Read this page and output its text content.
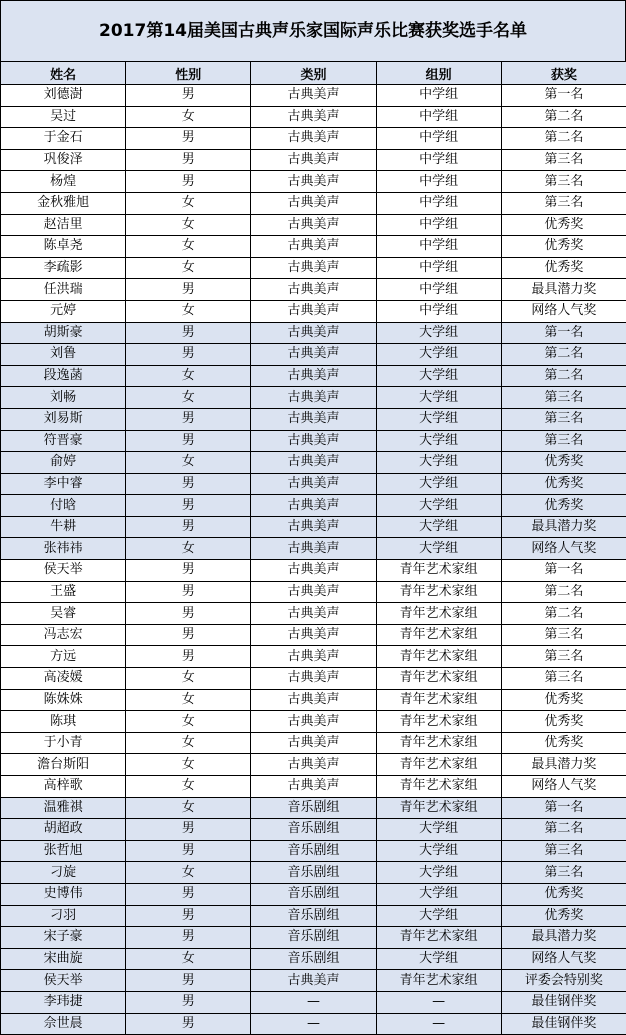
2017第14届美国古典声乐家国际声乐比赛获奖选手名单
姓名	性别	类别	组别	获奖
刘德澍	男	古典美声	中学组	第一名
吴过	女	古典美声	中学组	第二名
于金石	男	古典美声	中学组	第二名
巩俊泽	男	古典美声	中学组	第三名
杨煌	男	古典美声	中学组	第三名
金秋雅旭	女	古典美声	中学组	第三名
赵洁里	女	古典美声	中学组	优秀奖
陈卓尧	女	古典美声	中学组	优秀奖
李疏影	女	古典美声	中学组	优秀奖
任洪瑞	男	古典美声	中学组	最具潜力奖
元婷	女	古典美声	中学组	网络人气奖
胡斯豪	男	古典美声	大学组	第一名
刘鲁	男	古典美声	大学组	第二名
段逸菡	女	古典美声	大学组	第二名
刘畅	女	古典美声	大学组	第三名
刘易斯	男	古典美声	大学组	第三名
符晋豪	男	古典美声	大学组	第三名
俞婷	女	古典美声	大学组	优秀奖
李中睿	男	古典美声	大学组	优秀奖
付晗	男	古典美声	大学组	优秀奖
牛耕	男	古典美声	大学组	最具潜力奖
张祎祎	女	古典美声	大学组	网络人气奖
侯天举	男	古典美声	青年艺术家组	第一名
王盛	男	古典美声	青年艺术家组	第二名
吴睿	男	古典美声	青年艺术家组	第二名
冯志宏	男	古典美声	青年艺术家组	第三名
方远	男	古典美声	青年艺术家组	第三名
高凌媛	女	古典美声	青年艺术家组	第三名
陈姝姝	女	古典美声	青年艺术家组	优秀奖
陈琪	女	古典美声	青年艺术家组	优秀奖
于小青	女	古典美声	青年艺术家组	优秀奖
澹台斯阳	女	古典美声	青年艺术家组	最具潜力奖
高梓歌	女	古典美声	青年艺术家组	网络人气奖
温雅祺	女	音乐剧组	青年艺术家组	第一名
胡超政	男	音乐剧组	大学组	第二名
张哲旭	男	音乐剧组	大学组	第三名
刁旋	女	音乐剧组	大学组	第三名
史博伟	男	音乐剧组	大学组	优秀奖
刁羽	男	音乐剧组	大学组	优秀奖
宋子豪	男	音乐剧组	青年艺术家组	最具潜力奖
宋曲旋	女	音乐剧组	大学组	网络人气奖
侯天举	男	古典美声	青年艺术家组	评委会特别奖
李玮捷	男	—	—	最佳钢伴奖
佘世晨	男	—	—	最佳钢伴奖
